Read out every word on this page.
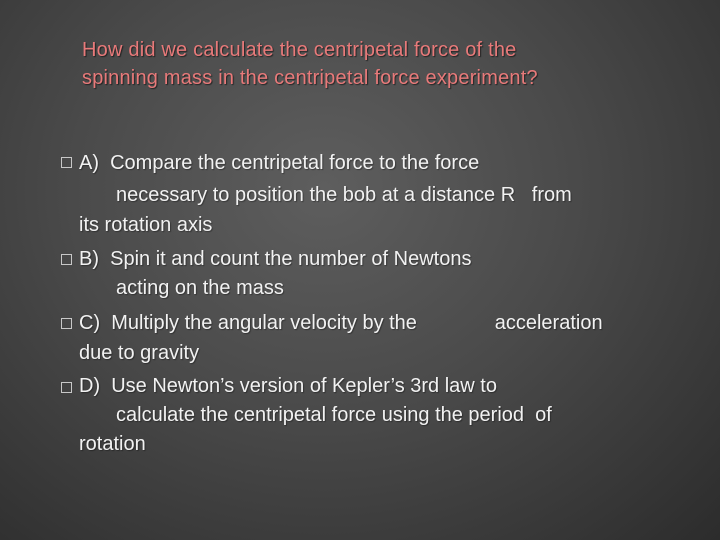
How did we calculate the centripetal force of the
spinning mass in the centripetal force experiment?
A)  Compare the centripetal force to the force
necessary to position the bob at a distance R   from
its rotation axis
B)  Spin it and count the number of Newtons
acting on the mass
C)  Multiply the angular velocity by the              acceleration
due to gravity
D)  Use Newton’s version of Kepler’s 3rd law to
calculate the centripetal force using the period  of
rotation
